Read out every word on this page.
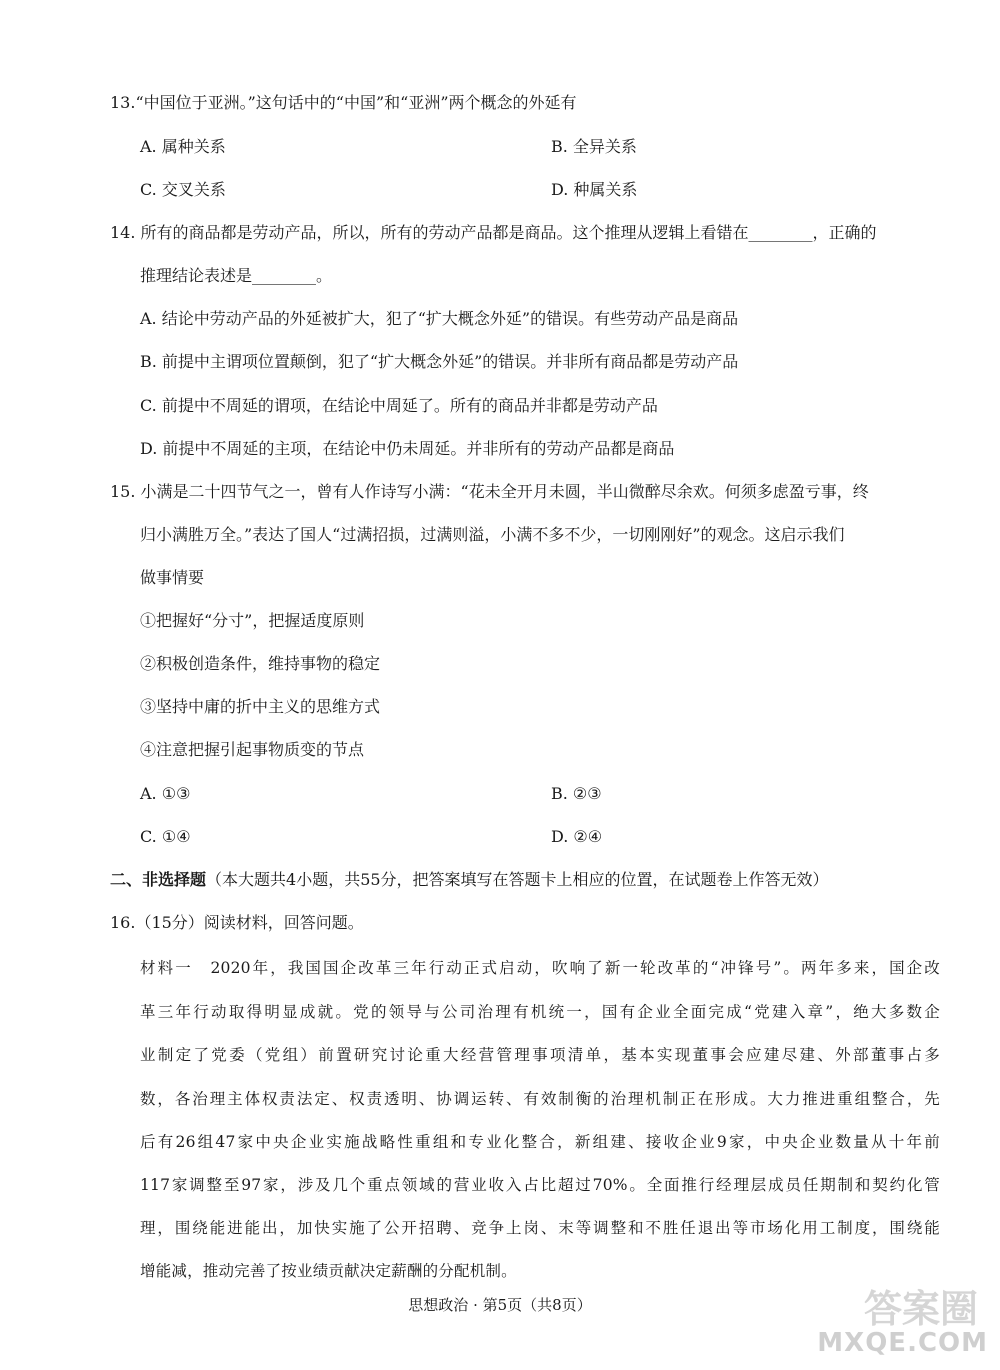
13.“中国位于亚洲。”这句话中的“中国”和“亚洲”两个概念的外延有
A. 属种关系	B. 全异关系
C. 交叉关系	D. 种属关系
14. 所有的商品都是劳动产品，所以，所有的劳动产品都是商品。这个推理从逻辑上看错在________，正确的
推理结论表述是________。
A. 结论中劳动产品的外延被扩大，犯了“扩大概念外延”的错误。有些劳动产品是商品
B. 前提中主谓项位置颠倒，犯了“扩大概念外延”的错误。并非所有商品都是劳动产品
C. 前提中不周延的谓项，在结论中周延了。所有的商品并非都是劳动产品
D. 前提中不周延的主项，在结论中仍未周延。并非所有的劳动产品都是商品
15. 小满是二十四节气之一，曾有人作诗写小满：“花未全开月未圆，半山微醉尽余欢。何须多虑盈亏事，终
归小满胜万全。”表达了国人“过满招损，过满则溢，小满不多不少，一切刚刚好”的观念。这启示我们
做事情要
①把握好“分寸”，把握适度原则
②积极创造条件，维持事物的稳定
③坚持中庸的折中主义的思维方式
④注意把握引起事物质变的节点
A. ①③	B. ②③
C. ①④	D. ②④
二、非选择题（本大题共4小题，共55分，把答案填写在答题卡上相应的位置，在试题卷上作答无效）
16.（15分）阅读材料，回答问题。
材料一　2020年，我国国企改革三年行动正式启动，吹响了新一轮改革的“冲锋号”。两年多来，国企改
革三年行动取得明显成就。党的领导与公司治理有机统一，国有企业全面完成“党建入章”，绝大多数企
业制定了党委（党组）前置研究讨论重大经营管理事项清单，基本实现董事会应建尽建、外部董事占多
数，各治理主体权责法定、权责透明、协调运转、有效制衡的治理机制正在形成。大力推进重组整合，先
后有26组47家中央企业实施战略性重组和专业化整合，新组建、接收企业9家，中央企业数量从十年前
117家调整至97家，涉及几个重点领域的营业收入占比超过70%。全面推行经理层成员任期制和契约化管
理，围绕能进能出，加快实施了公开招聘、竞争上岗、末等调整和不胜任退出等市场化用工制度，围绕能
增能减，推动完善了按业绩贡献决定薪酬的分配机制。
思想政治 · 第5页（共8页）	答案圈
MXQE.COM
